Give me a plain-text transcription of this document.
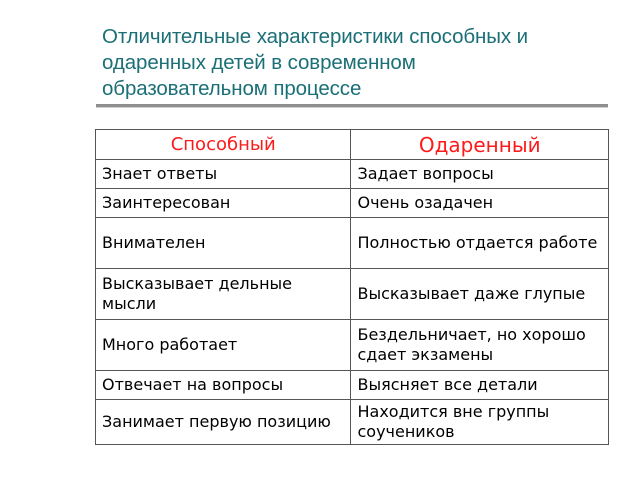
Отличительные характеристики способных и одаренных детей в современном образовательном процессе
Способный	Одаренный
Знает ответы	Задает вопросы
Заинтересован	Очень озадачен
Внимателен	Полностью отдается работе
Высказывает дельные мысли	Высказывает даже глупые
Много работает	Бездельничает, но хорошо сдает экзамены
Отвечает на вопросы	Выясняет все детали
Занимает первую позицию	Находится вне группы соучеников
